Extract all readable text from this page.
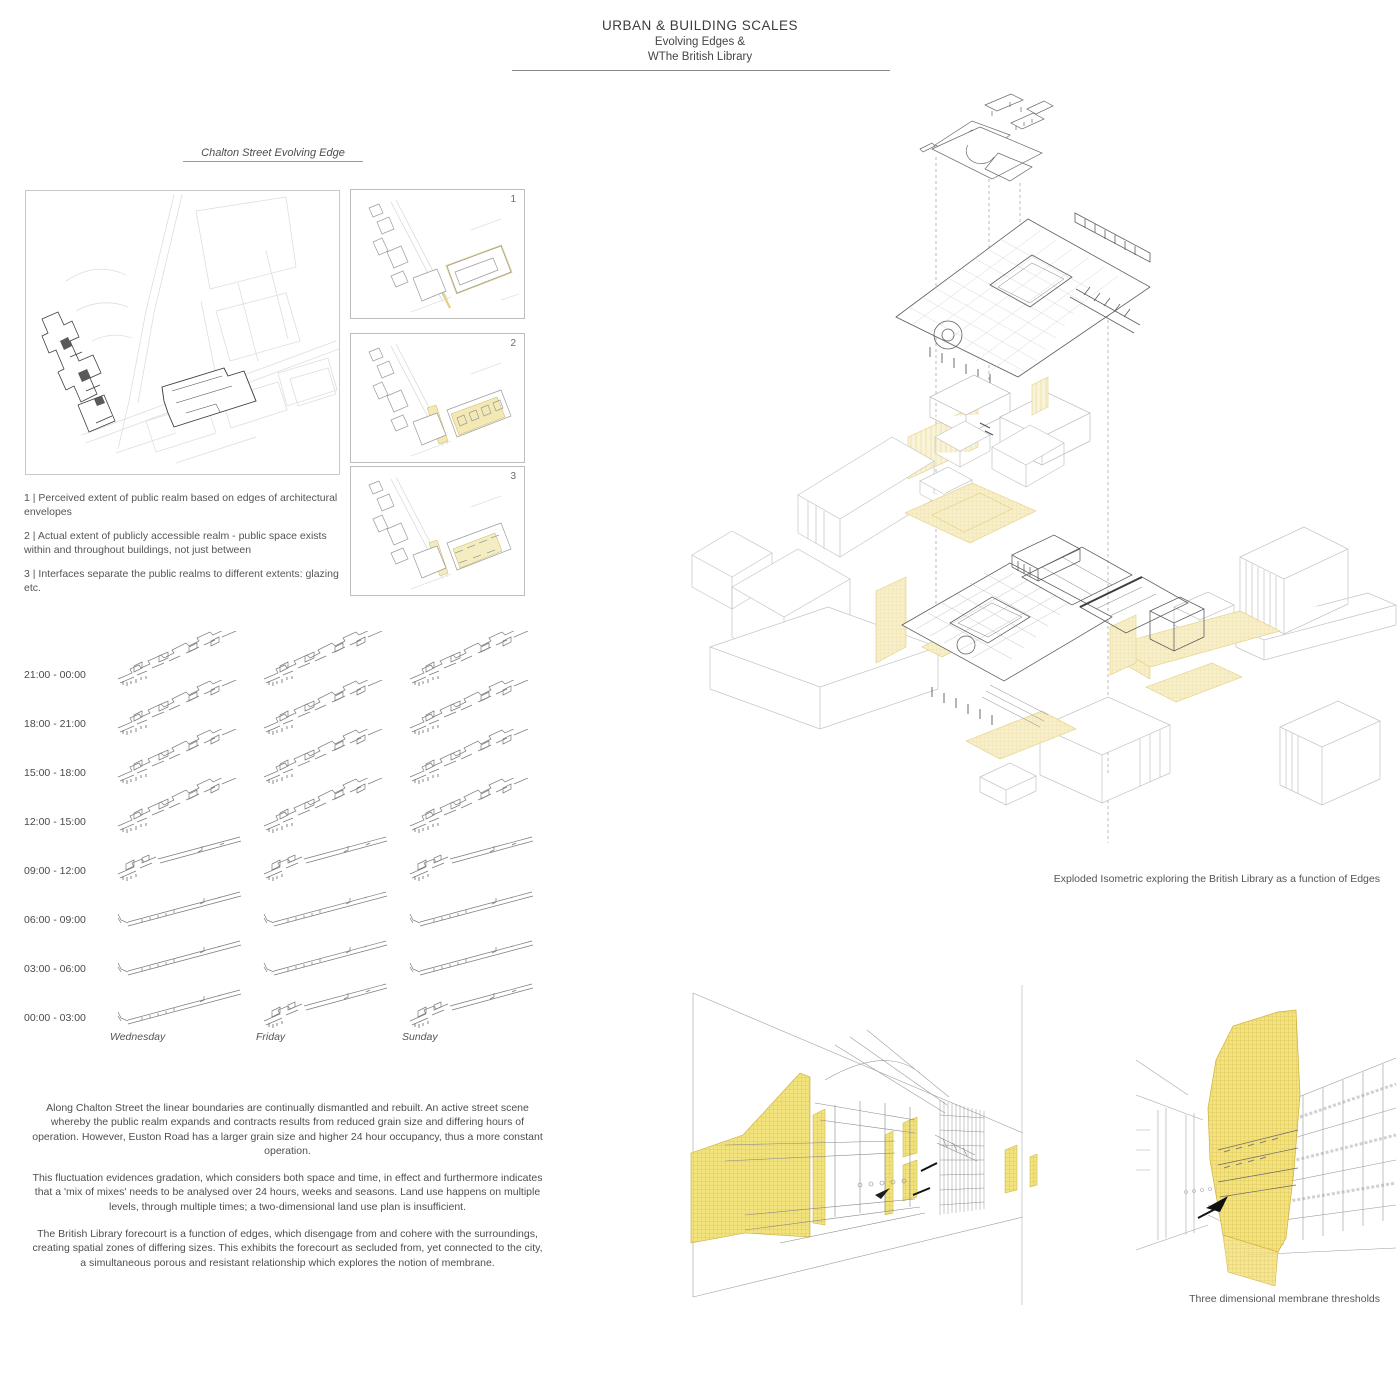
URBAN & BUILDING SCALES
Evolving Edges &
WThe British Library
Chalton Street Evolving Edge
1
2
3
1 | Perceived extent of public realm based on edges of architectural envelopes
2 | Actual extent of publicly accessible realm - public space exists within and throughout buildings, not just between
3 | Interfaces separate the public realms to different extents: glazing etc.
21:00 - 00:00
18:00 - 21:00
15:00 - 18:00
12:00 - 15:00
09:00 - 12:00
06:00 - 09:00
03:00 - 06:00
00:00 - 03:00
Wednesday	Friday	Sunday
Along Chalton Street the linear boundaries are continually dismantled and rebuilt. An active street scene whereby the public realm expands and contracts results from reduced grain size and differing hours of operation. However, Euston Road has a larger grain size and higher 24 hour occupancy, thus a more constant operation.
This fluctuation evidences gradation, which considers both space and time, in effect and furthermore indicates that a 'mix of mixes' needs to be analysed over 24 hours, weeks and seasons. Land use happens on multiple levels, through multiple times; a two-dimensional land use plan is insufficient.
The British Library forecourt is a function of edges, which disengage from and cohere with the surroundings, creating spatial zones of differing sizes. This exhibits the forecourt as secluded from, yet connected to the city, a simultaneous porous and resistant relationship which explores the notion of membrane.
Exploded Isometric exploring the British Library as a function of Edges
Three dimensional membrane thresholds
